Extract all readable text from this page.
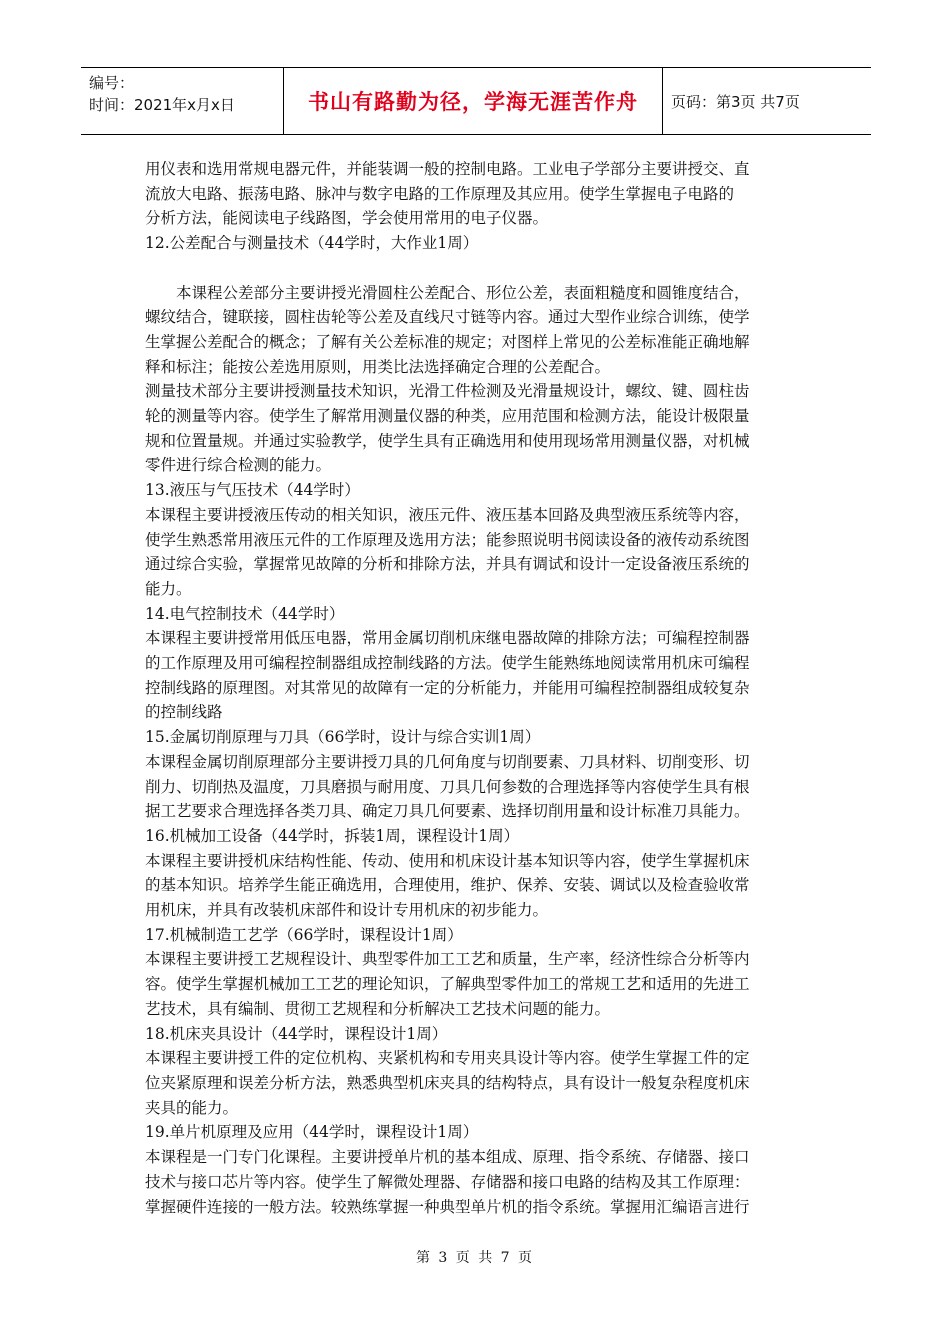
编号：
时间：2021年x月x日	书山有路勤为径，学海无涯苦作舟	页码：第3页 共7页

用仪表和选用常规电器元件，并能装调一般的控制电路。工业电子学部分主要讲授交、直

流放大电路、振荡电路、脉冲与数字电路的工作原理及其应用。使学生掌握电子电路的

分析方法，能阅读电子线路图，学会使用常用的电子仪器。

12.公差配合与测量技术（44学时，大作业1周）

本课程公差部分主要讲授光滑圆柱公差配合、形位公差，表面粗糙度和圆锥度结合，

螺纹结合，键联接，圆柱齿轮等公差及直线尺寸链等内容。通过大型作业综合训练，使学

生掌握公差配合的概念；了解有关公差标准的规定；对图样上常见的公差标准能正确地解

释和标注；能按公差选用原则，用类比法选择确定合理的公差配合。

测量技术部分主要讲授测量技术知识，光滑工件检测及光滑量规设计，螺纹、键、圆柱齿

轮的测量等内容。使学生了解常用测量仪器的种类，应用范围和检测方法，能设计极限量

规和位置量规。并通过实验教学，使学生具有正确选用和使用现场常用测量仪器，对机械

零件进行综合检测的能力。

13.液压与气压技术（44学时）

本课程主要讲授液压传动的相关知识，液压元件、液压基本回路及典型液压系统等内容，

使学生熟悉常用液压元件的工作原理及选用方法；能参照说明书阅读设备的液传动系统图

通过综合实验，掌握常见故障的分析和排除方法，并具有调试和设计一定设备液压系统的

能力。

14.电气控制技术（44学时）

本课程主要讲授常用低压电器，常用金属切削机床继电器故障的排除方法；可编程控制器

的工作原理及用可编程控制器组成控制线路的方法。使学生能熟练地阅读常用机床可编程

控制线路的原理图。对其常见的故障有一定的分析能力，并能用可编程控制器组成较复杂

的控制线路

15.金属切削原理与刀具（66学时，设计与综合实训1周）

本课程金属切削原理部分主要讲授刀具的几何角度与切削要素、刀具材料、切削变形、切

削力、切削热及温度，刀具磨损与耐用度、刀具几何参数的合理选择等内容使学生具有根

据工艺要求合理选择各类刀具、确定刀具几何要素、选择切削用量和设计标准刀具能力。

16.机械加工设备（44学时，拆装1周，课程设计1周）

本课程主要讲授机床结构性能、传动、使用和机床设计基本知识等内容，使学生掌握机床

的基本知识。培养学生能正确选用，合理使用，维护、保养、安装、调试以及检查验收常

用机床，并具有改装机床部件和设计专用机床的初步能力。

17.机械制造工艺学（66学时，课程设计1周）

本课程主要讲授工艺规程设计、典型零件加工工艺和质量，生产率，经济性综合分析等内

容。使学生掌握机械加工工艺的理论知识，了解典型零件加工的常规工艺和适用的先进工

艺技术，具有编制、贯彻工艺规程和分析解决工艺技术问题的能力。

18.机床夹具设计（44学时，课程设计1周）

本课程主要讲授工件的定位机构、夹紧机构和专用夹具设计等内容。使学生掌握工件的定

位夹紧原理和误差分析方法，熟悉典型机床夹具的结构特点，具有设计一般复杂程度机床

夹具的能力。

19.单片机原理及应用（44学时，课程设计1周）

本课程是一门专门化课程。主要讲授单片机的基本组成、原理、指令系统、存储器、接口

技术与接口芯片等内容。使学生了解微处理器、存储器和接口电路的结构及其工作原理：

掌握硬件连接的一般方法。较熟练掌握一种典型单片机的指令系统。掌握用汇编语言进行

第 3 页 共 7 页
